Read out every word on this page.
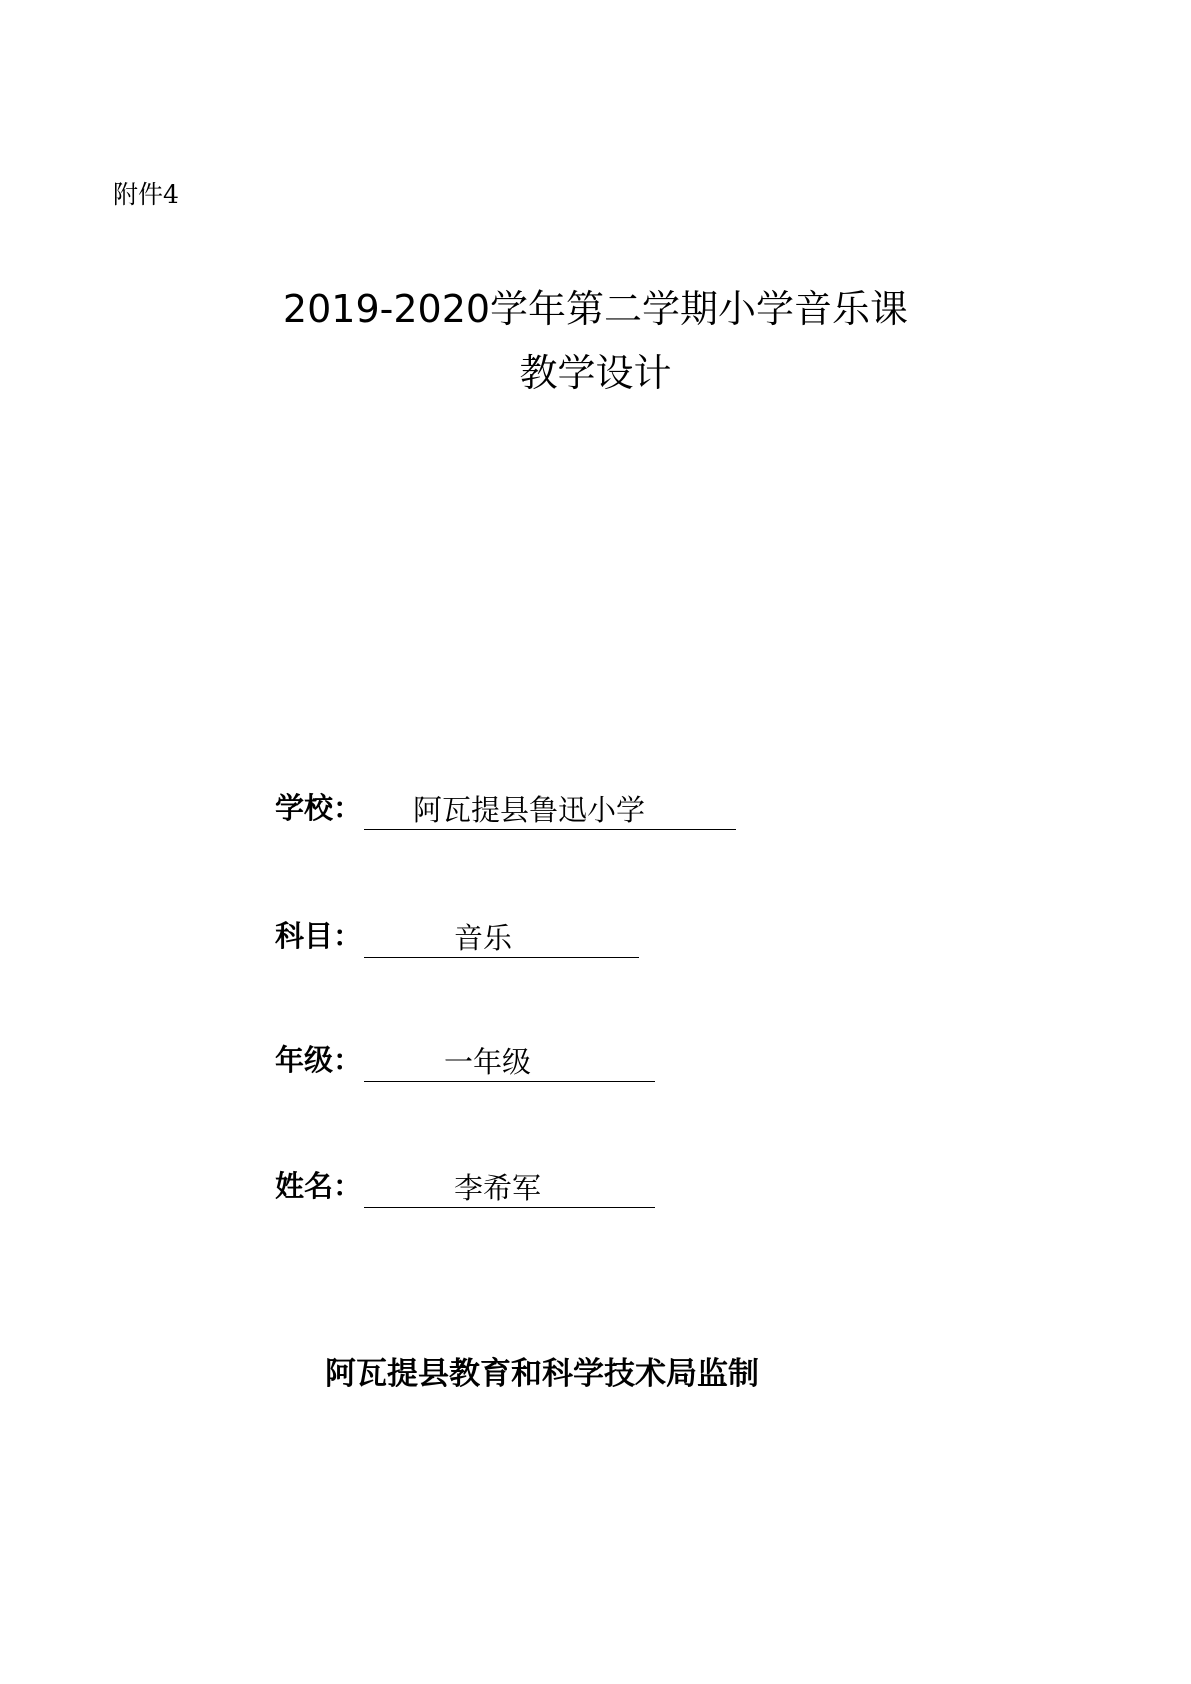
附件4
2019-2020学年第二学期小学音乐课
教学设计
学校： 阿瓦提县鲁迅小学
科目：	音乐
年级：	一年级
姓名：	李希军
阿瓦提县教育和科学技术局监制
